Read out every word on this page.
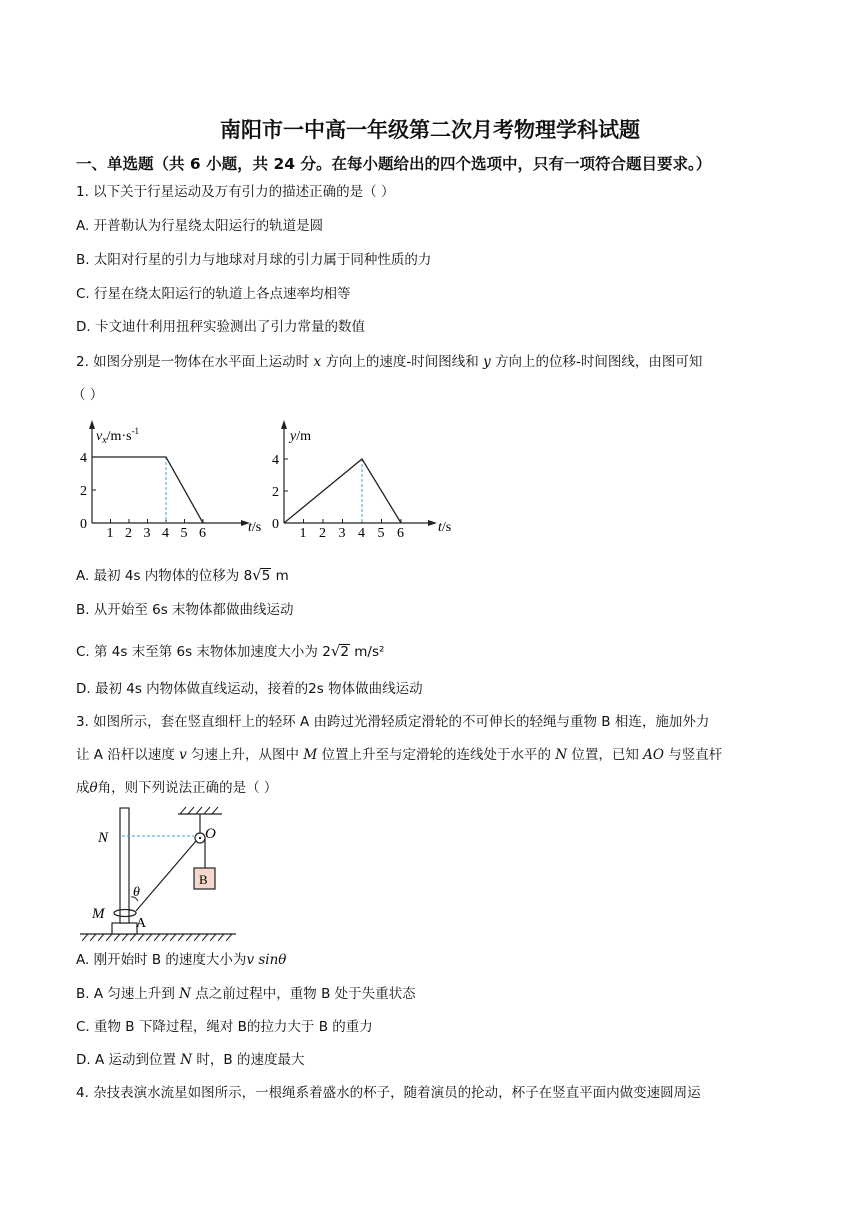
南阳市一中高一年级第二次月考物理学科试题
一、单选题（共 6 小题，共 24 分。在每小题给出的四个选项中，只有一项符合题目要求。）
1. 以下关于行星运动及万有引力的描述正确的是（ ）
A. 开普勒认为行星绕太阳运行的轨道是圆
B. 太阳对行星的引力与地球对月球的引力属于同种性质的力
C. 行星在绕太阳运行的轨道上各点速率均相等
D. 卡文迪什利用扭秤实验测出了引力常量的数值
2. 如图分别是一物体在水平面上运动时 x 方向上的速度-时间图线和 y 方向上的位移-时间图线，由图可知
（ ）
$v_x/m\cdot s^{-1}$
t/s
1 2 3 4 5 6
4
2
0
y/m
t/s
1 2 3 4 5 6
4
2
0
A. 最初 4s 内物体的位移为 8√5 m
B. 从开始至 6s 末物体都做曲线运动
C. 第 4s 末至第 6s 末物体加速度大小为 2√2 m/s²
D. 最初 4s 内物体做直线运动，接着的2s 物体做曲线运动
3. 如图所示，套在竖直细杆上的轻环 A 由跨过光滑轻质定滑轮的不可伸长的轻绳与重物 B 相连，施加外力
让 A 沿杆以速度 v 匀速上升，从图中 M 位置上升至与定滑轮的连线处于水平的 N 位置，已知 AO 与竖直杆
成θ角，则下列说法正确的是（ ）
N	O
B
θ
M
A
A. 刚开始时 B 的速度大小为v sinθ
B. A 匀速上升到 N 点之前过程中，重物 B 处于失重状态
C. 重物 B 下降过程，绳对 B的拉力大于 B 的重力
D. A 运动到位置 N 时，B 的速度最大
4. 杂技表演水流星如图所示，一根绳系着盛水的杯子，随着演员的抡动，杯子在竖直平面内做变速圆周运
